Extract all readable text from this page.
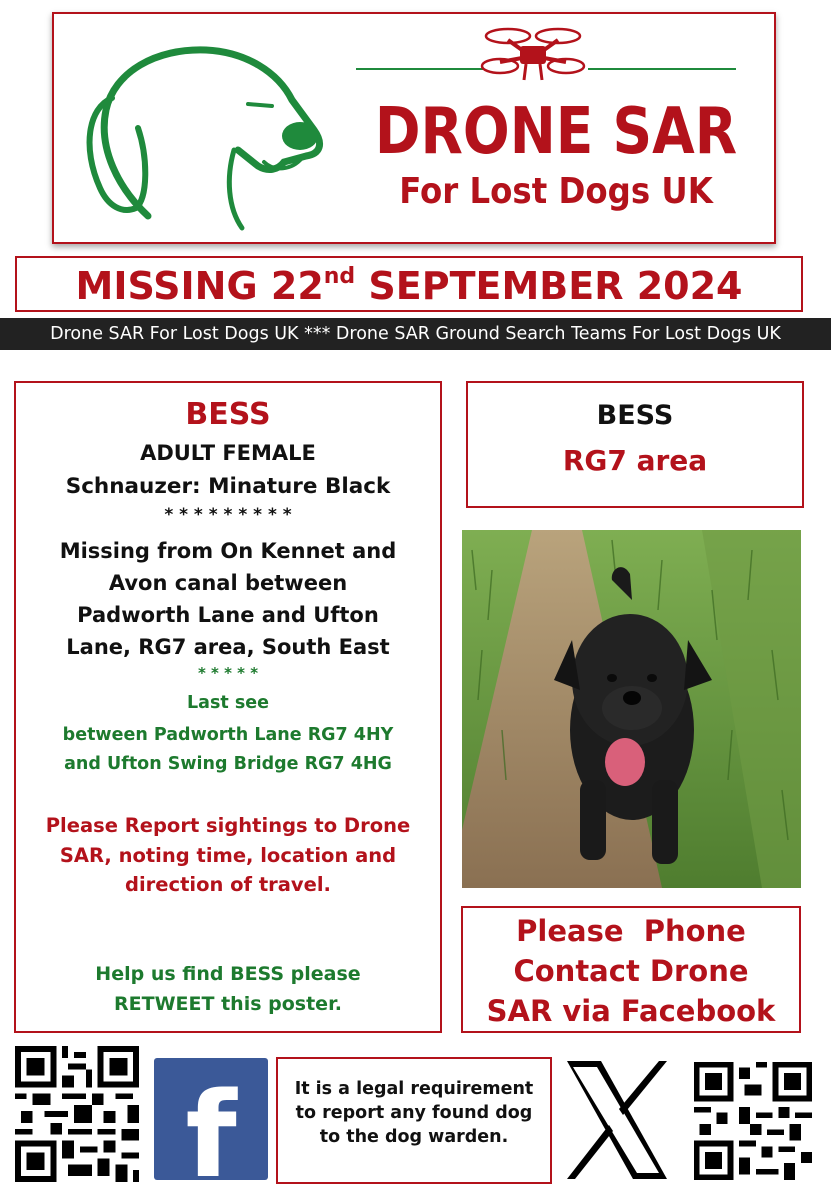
DRONE SAR
For Lost Dogs UK
MISSING 22nd SEPTEMBER 2024
Drone SAR For Lost Dogs UK *** Drone SAR Ground Search Teams For Lost Dogs UK
BESS
ADULT FEMALE
Schnauzer: Minature Black
* * * * * * * * *
Missing from On Kennet and
Avon canal between
Padworth Lane and Ufton
Lane, RG7 area, South East
* * * * *
Last see
between Padworth Lane RG7 4HY
and Ufton Swing Bridge RG7 4HG
Please Report sightings to Drone
SAR, noting time, location and
direction of travel.
Help us find BESS please
RETWEET this poster.
BESS
RG7 area
Please  Phone
Contact Drone
SAR via Facebook
f	It is a legal requirement
to report any found dog
to the dog warden.
